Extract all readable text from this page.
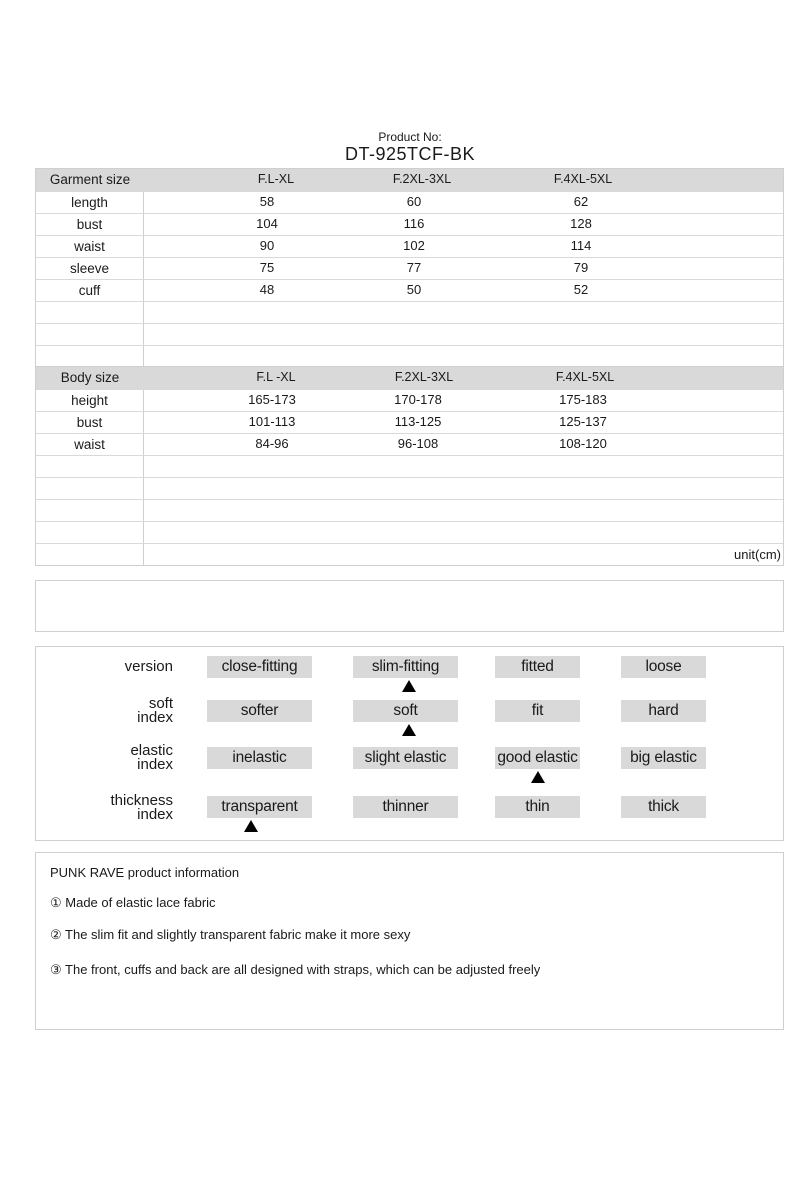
Product No:
DT-925TCF-BK
Garment size	F.L-XL	F.2XL-3XL	F.4XL-5XL
length	58	60	62
bust	104	116	128
waist	90	102	114
sleeve	75	77	79
cuff	48	50	52
Body size	F.L -XL	F.2XL-3XL	F.4XL-5XL
height	165-173	170-178	175-183
bust	101-113	113-125	125-137
waist	84-96	96-108	108-120
unit(cm)
version	close-fitting	slim-fitting	fitted	loose
soft
index	softer	soft	fit	hard
elastic
index	inelastic	slight elastic	good elastic	big elastic
thickness
index	transparent	thinner	thin	thick
PUNK RAVE product information
① Made of elastic lace fabric
② The slim fit and slightly transparent fabric make it more sexy
③ The front, cuffs and back are all designed with straps, which can be adjusted freely
